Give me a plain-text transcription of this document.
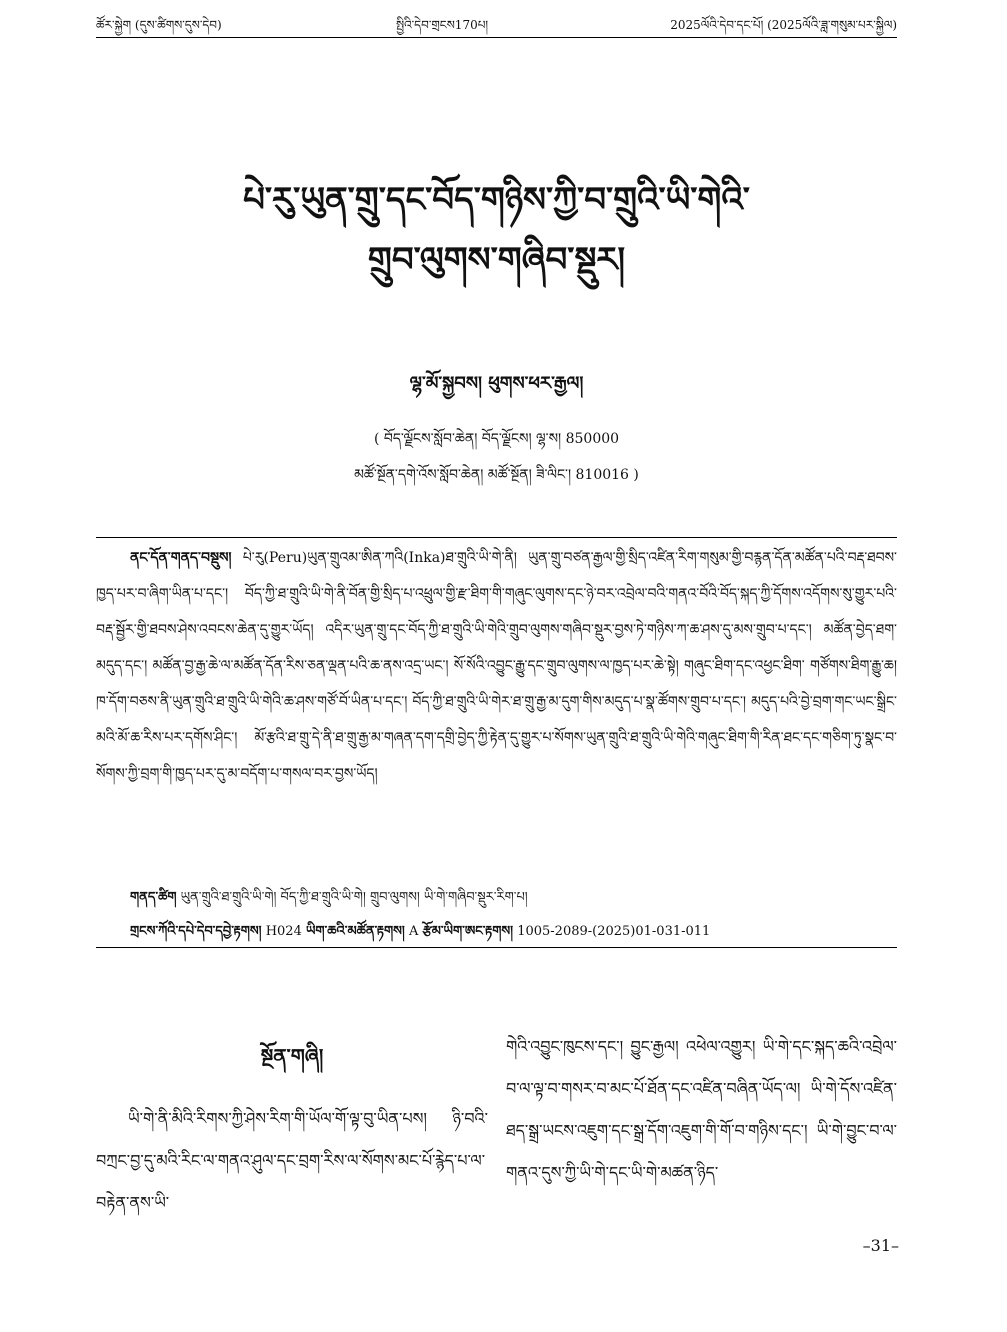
ཚོར་སྐྱེག (དུས་ཚིགས་དུས་དེབ)	སྤྱིའི་དེབ་གྲངས170པ།	2025ལོའི་དེབ་དང་པོ། (2025ལོའི་ཟླ་གསུམ་པར་སྐྱིལ)
པེ་རུ་ཡུན་གྲུ་དང་བོད་གཉིས་ཀྱི་བ་གྲུའི་ཡི་གེའི་
གྲུབ་ལུགས་གཞིབ་སྡུར།
ལྷ་མོ་སྐྱབས། ཕུགས་ཕར་རྒྱལ།
( བོད་ལྗོངས་སློབ་ཆེན། བོད་ལྗོངས། ལྷ་ས། 850000
མཚོ་སྔོན་དགེ་འོས་སློབ་ཆེན། མཚོ་སྔོན། ཟི་ལིང་། 810016 )
ནང་དོན་གནད་བསྡུས། པེ་རུ(Peru)ཡུན་གྲུའམ་ཨིན་ཀའི(Inka)ཐ་གྲུའི་ཡི་གེ་ནི། ཡུན་གྲུ་བཙན་རྒྱལ་གྱི་སྲིད་འཛིན་རིག་གསུམ་གྱི་བརྙན་དོན་མཚོན་པའི་བརྡ་ཐབས་ཁྱད་པར་བ་ཞིག་ཡིན་པ་དང་། བོད་ཀྱི་ཐ་གྲུའི་ཡི་གེ་ནི་བོན་གྱི་སྲིད་པ་འཕྲུལ་གྱི་རྫ་ཐིག་གི་གཞུང་ལུགས་དང་ཉེ་བར་འབྲེལ་བའི་གནའ་བོའི་བོད་སྐད་ཀྱི་དོགས་འདོགས་སུ་གྱུར་པའི་བརྡ་སྦྱོར་གྱི་ཐབས་ཤེས་འབངས་ཆེན་དུ་གྱུར་ཡོད། འདིར་ཡུན་གྲུ་དང་བོད་ཀྱི་ཐ་གྲུའི་ཡི་གེའི་གྲུབ་ལུགས་གཞིབ་སྡུར་བྱས་ཏེ་གཉིས་ཀ་ཆ་ཤས་དུ་མས་གྲུབ་པ་དང་། མཚོན་བྱེད་ཐག་མདུད་དང་། མཚོན་བྱ་རྒྱ་ཆེ་ལ་མཚོན་དོན་རིས་ཅན་ལྡན་པའི་ཆ་ནས་འདྲ་ཡང་། སོ་སོའི་འབྱུང་རྒྱུ་དང་གྲུབ་ལུགས་ལ་ཁྱད་པར་ཆེ་སྟེ། གཞུང་ཐིག་དང་འཕྱང་ཐིག་ གཙོགས་ཐིག་རྒྱུ་ཆ། ཁ་དོག་བཅས་ནི་ཡུན་གྲུའི་ཐ་གྲུའི་ཡི་གེའི་ཆ་ཤས་གཙོ་བོ་ཡིན་པ་དང་། བོད་ཀྱི་ཐ་གྲུའི་ཡི་གེར་ཐ་གྲུ་རྒྱ་མ་དུག་གིས་མདུད་པ་སྣ་ཚོགས་གྲུབ་པ་དང་། མདུད་པའི་བྱེ་བྲག་གང་ཡང་སྒྲིང་མའི་མོ་ཆ་རིས་པར་དགོས་ཤིང་། མོ་རྩའི་ཐ་གྲུ་དེ་ནི་ཐ་གྲུ་རྒྱ་མ་གཞན་དག་དགྲི་བྱེད་ཀྱི་རྟེན་དུ་གྱུར་པ་སོགས་ཡུན་གྲུའི་ཐ་གྲུའི་ཡི་གེའི་གཞུང་ཐིག་གི་རིན་ཐང་དང་གཅིག་ཏུ་སྣང་བ་སོགས་ཀྱི་བྲག་གི་ཁྱད་པར་དུ་མ་བདོག་པ་གསལ་བར་བྱས་ཡོད།
གནད་ཚིག ཡུན་གྲུའི་ཐ་གྲུའི་ཡི་གེ། བོད་ཀྱི་ཐ་གྲུའི་ཡི་གེ། གྲུབ་ལུགས། ཡི་གེ་གཞིབ་སྡུར་རིག་པ།
གྲངས་ཀོའི་དཔེ་དེབ་དབྱེ་རྟགས། H024 ཡིག་ཆའི་མཚོན་རྟགས། A རྩོམ་ཡིག་ཨང་རྟགས། 1005-2089-(2025)01-031-011
སྔོན་གཞི།
ཡི་གེ་ནི་མིའི་རིགས་ཀྱི་ཤེས་རིག་གི་ཡོལ་གོ་ལྟ་བུ་ཡིན་པས། ཉི་བའི་བཀྲང་བྱ་དུ་མའི་རིང་ལ་གནའ་ཤུལ་དང་བྲག་རིས་ལ་སོགས་མང་པོ་རྙེད་པ་ལ་བརྟེན་ནས་ཡི་
གེའི་འབྱུང་ཁུངས་དང་། བྱུང་རྒྱལ། འཕེལ་འགྱུར། ཡི་གེ་དང་སྐད་ཆའི་འབྲེལ་བ་ལ་ལྟ་བ་གསར་བ་མང་པོ་ཐོན་དང་འཛིན་བཞིན་ཡོད་ལ། ཡི་གེ་དོས་འཛིན་ཐད་སྒྲ་ཡངས་འཇུག་དང་སྒྲ་དོག་འཇུག་གི་གོ་བ་གཉིས་དང་། ཡི་གེ་བྱུང་བ་ལ་གནའ་དུས་ཀྱི་ཡི་གེ་དང་ཡི་གེ་མཚན་ཉིད་
–31–
